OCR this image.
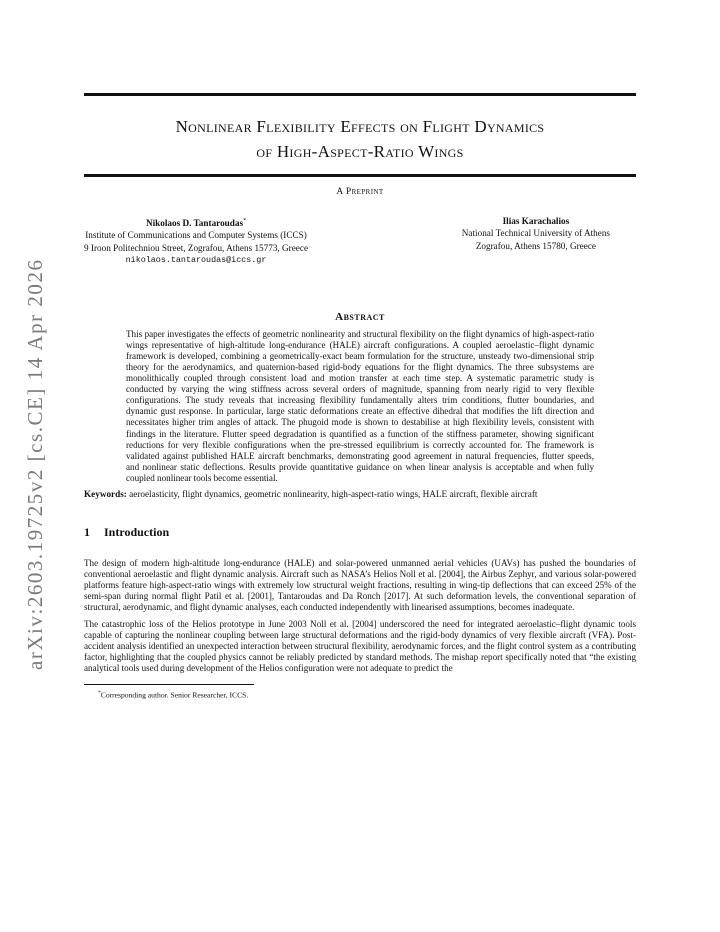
arXiv:2603.19725v2 [cs.CE] 14 Apr 2026
Nonlinear Flexibility Effects on Flight Dynamics
of High-Aspect-Ratio Wings
A Preprint
Nikolaos D. Tantaroudas*
Institute of Communications and Computer Systems (ICCS)
9 Iroon Politechniou Street, Zografou, Athens 15773, Greece
nikolaos.tantaroudas@iccs.gr
Ilias Karachalios
National Technical University of Athens
Zografou, Athens 15780, Greece
Abstract

This paper investigates the effects of geometric nonlinearity and structural flexibility on the flight dynamics of high-aspect-ratio wings representative of high-altitude long-endurance (HALE) aircraft configurations. A coupled aeroelastic–flight dynamic framework is developed, combining a geometrically-exact beam formulation for the structure, unsteady two-dimensional strip theory for the aerodynamics, and quaternion-based rigid-body equations for the flight dynamics. The three subsystems are monolithically coupled through consistent load and motion transfer at each time step. A systematic parametric study is conducted by varying the wing stiffness across several orders of magnitude, spanning from nearly rigid to very flexible configurations. The study reveals that increasing flexibility fundamentally alters trim conditions, flutter boundaries, and dynamic gust response. In particular, large static deformations create an effective dihedral that modifies the lift direction and necessitates higher trim angles of attack. The phugoid mode is shown to destabilise at high flexibility levels, consistent with findings in the literature. Flutter speed degradation is quantified as a function of the stiffness parameter, showing significant reductions for very flexible configurations when the pre-stressed equilibrium is correctly accounted for. The framework is validated against published HALE aircraft benchmarks, demonstrating good agreement in natural frequencies, flutter speeds, and nonlinear static deflections. Results provide quantitative guidance on when linear analysis is acceptable and when fully coupled nonlinear tools become essential.

Keywords: aeroelasticity, flight dynamics, geometric nonlinearity, high-aspect-ratio wings, HALE aircraft, flexible aircraft

1 Introduction

The design of modern high-altitude long-endurance (HALE) and solar-powered unmanned aerial vehicles (UAVs) has pushed the boundaries of conventional aeroelastic and flight dynamic analysis. Aircraft such as NASA’s Helios Noll et al. [2004], the Airbus Zephyr, and various solar-powered platforms feature high-aspect-ratio wings with extremely low structural weight fractions, resulting in wing-tip deflections that can exceed 25% of the semi-span during normal flight Patil et al. [2001], Tantaroudas and Da Ronch [2017]. At such deformation levels, the conventional separation of structural, aerodynamic, and flight dynamic analyses, each conducted independently with linearised assumptions, becomes inadequate.

The catastrophic loss of the Helios prototype in June 2003 Noll et al. [2004] underscored the need for integrated aeroelastic–flight dynamic tools capable of capturing the nonlinear coupling between large structural deformations and the rigid-body dynamics of very flexible aircraft (VFA). Post-accident analysis identified an unexpected interaction between structural flexibility, aerodynamic forces, and the flight control system as a contributing factor, highlighting that the coupled physics cannot be reliably predicted by standard methods. The mishap report specifically noted that “the existing analytical tools used during development of the Helios configuration were not adequate to predict the

*Corresponding author. Senior Researcher, ICCS.
